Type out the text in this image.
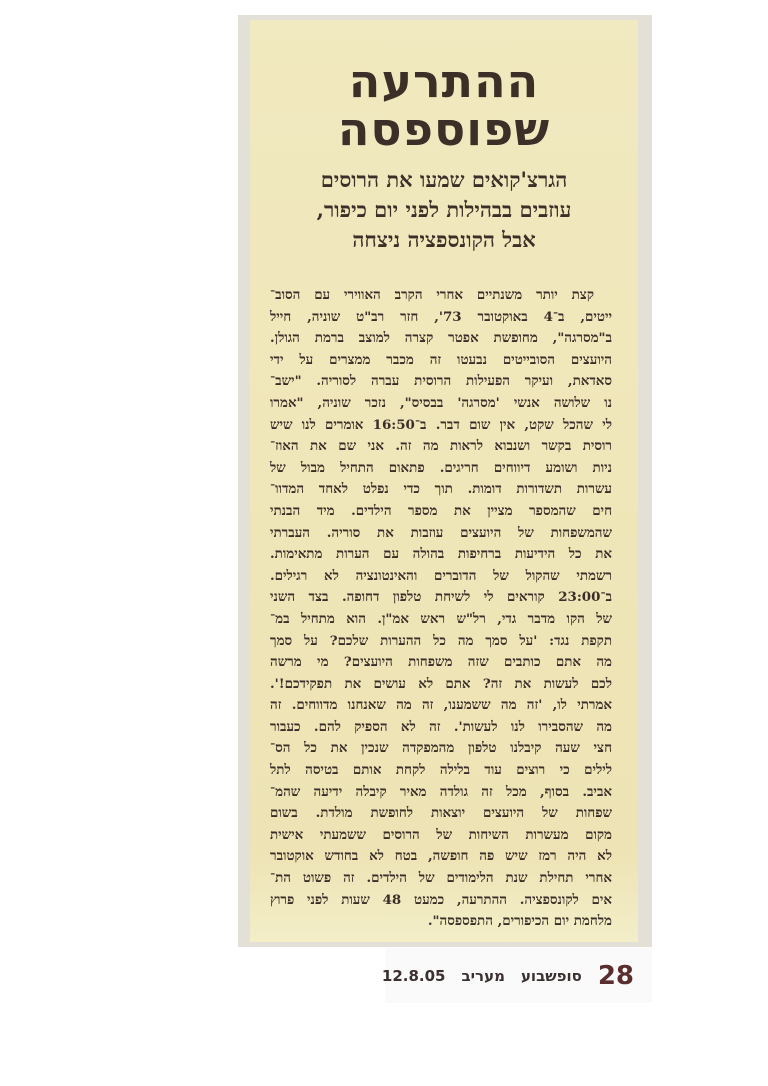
ההתרעה
שפוספסה
הגרצ'קואים שמעו את הרוסים
עוזבים בבהילות לפני יום כיפור,
אבל הקונספציה ניצחה
קצת יותר משנתיים אחרי הקרב האווירי עם הסוב־
ייטים, ב־4 באוקטובר 73', חזר רב"ט שוניה, חייל
ב"מסרגה", מחופשת אפטר קצרה למוצב ברמת הגולן.
היועצים הסובייטים נבעטו זה מכבר ממצרים על ידי
סאדאת, ועיקר הפעילות הרוסית עברה לסוריה. "ישב־
נו שלושה אנשי 'מסרגה' בבסיס", נזכר שוניה, "אמרו
לי שהכל שקט, אין שום דבר. ב־16:50 אומרים לנו שיש
רוסית בקשר ושנבוא לראות מה זה. אני שם את האוז־
ניות ושומע דיווחים חריגים. פתאום התחיל מבול של
עשרות תשדורות דומות. תוך כדי נפלט לאחד המדוו־
חים שהמספר מציין את מספר הילדים. מיד הבנתי
שהמשפחות של היועצים עוזבות את סוריה. העברתי
את כל הידיעות ברחיפות בהולה עם הערות מתאימות.
רשמתי שהקול של הדוברים והאינטונציה לא רגילים.
ב־23:00 קוראים לי לשיחת טלפון דחופה. בצד השני
של הקו מדבר גדי, רל"ש ראש אמ"ן. הוא מתחיל במ־
תקפת נגד: 'על סמך מה כל ההערות שלכם? על סמך
מה אתם כותבים שזה משפחות היועצים? מי מרשה
לכם לעשות את זה? אתם לא עושים את תפקידכם!'.
אמרתי לו, 'זה מה ששמענו, זה מה שאנחנו מדווחים. זה
מה שהסבירו לנו לעשות'. זה לא הספיק להם. כעבור
חצי שעה קיבלנו טלפון מהמפקדה שנכין את כל הס־
לילים כי רוצים עוד בלילה לקחת אותם בטיסה לתל
אביב. בסוף, מכל זה גולדה מאיר קיבלה ידיעה שהמ־
שפחות של היועצים יוצאות לחופשת מולדת. בשום
מקום מעשרות השיחות של הרוסים ששמעתי אישית
לא היה רמז שיש פה חופשה, בטח לא בחודש אוקטובר
אחרי תחילת שנת הלימודים של הילדים. זה פשוט הת־
אים לקונספציה. ההתרעה, כמעט 48 שעות לפני פרוץ
מלחמת יום הכיפורים, התפספסה".
12.8.05 מעריב סופשבוע 28
